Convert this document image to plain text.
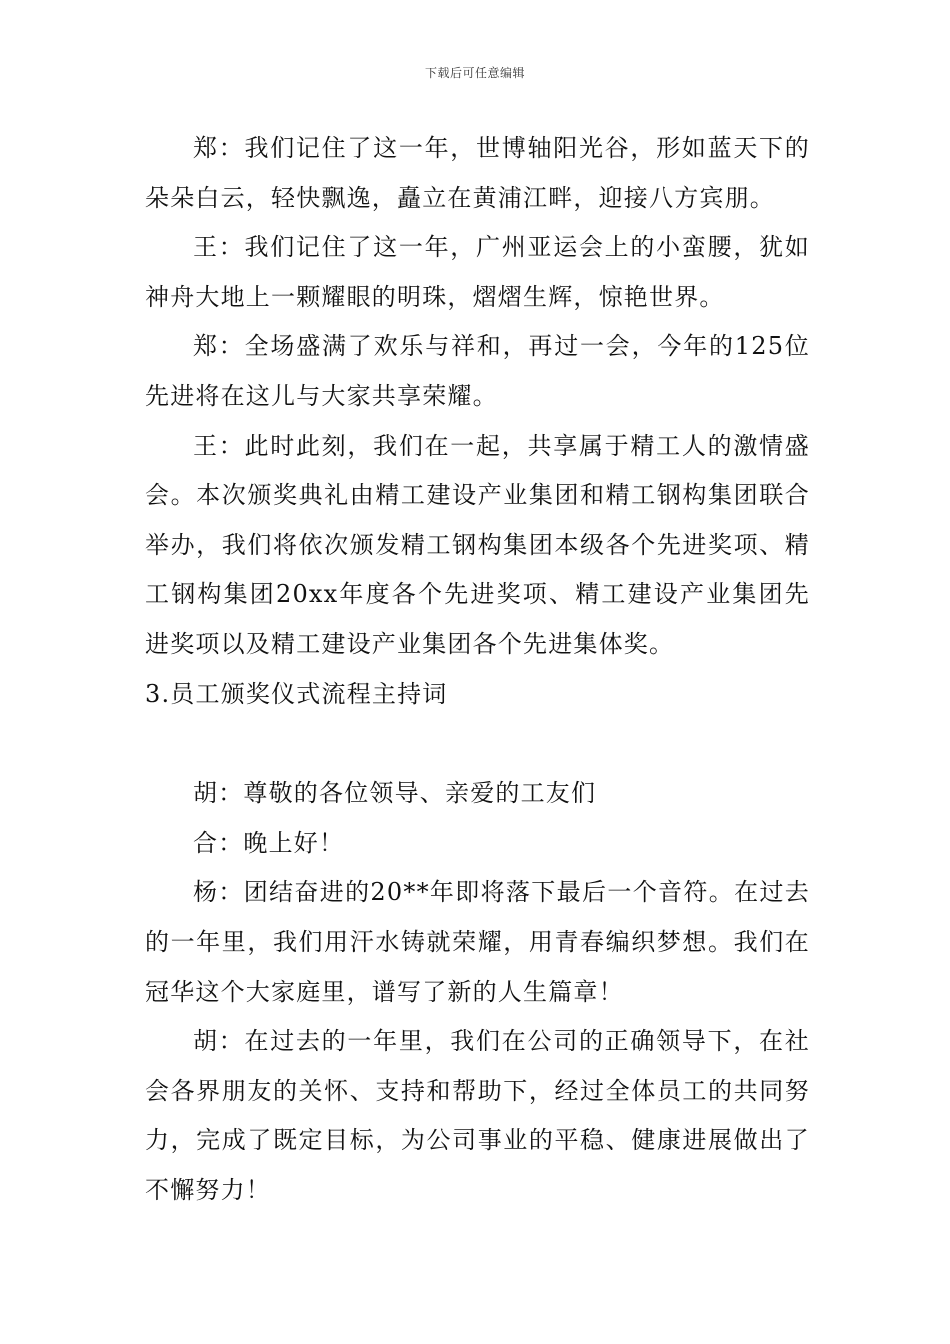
下载后可任意编辑

郑：我们记住了这一年，世博轴阳光谷，形如蓝天下的朵朵白云，轻快飘逸，矗立在黄浦江畔，迎接八方宾朋。

王：我们记住了这一年，广州亚运会上的小蛮腰，犹如神舟大地上一颗耀眼的明珠，熠熠生辉，惊艳世界。

郑：全场盛满了欢乐与祥和，再过一会，今年的125位先进将在这儿与大家共享荣耀。

王：此时此刻，我们在一起，共享属于精工人的激情盛会。本次颁奖典礼由精工建设产业集团和精工钢构集团联合举办，我们将依次颁发精工钢构集团本级各个先进奖项、精工钢构集团20xx年度各个先进奖项、精工建设产业集团先进奖项以及精工建设产业集团各个先进集体奖。

3.员工颁奖仪式流程主持词

胡：尊敬的各位领导、亲爱的工友们

合：晚上好！

杨：团结奋进的20**年即将落下最后一个音符。在过去的一年里，我们用汗水铸就荣耀，用青春编织梦想。我们在冠华这个大家庭里，谱写了新的人生篇章！

胡：在过去的一年里，我们在公司的正确领导下，在社会各界朋友的关怀、支持和帮助下，经过全体员工的共同努力，完成了既定目标，为公司事业的平稳、健康进展做出了不懈努力！
